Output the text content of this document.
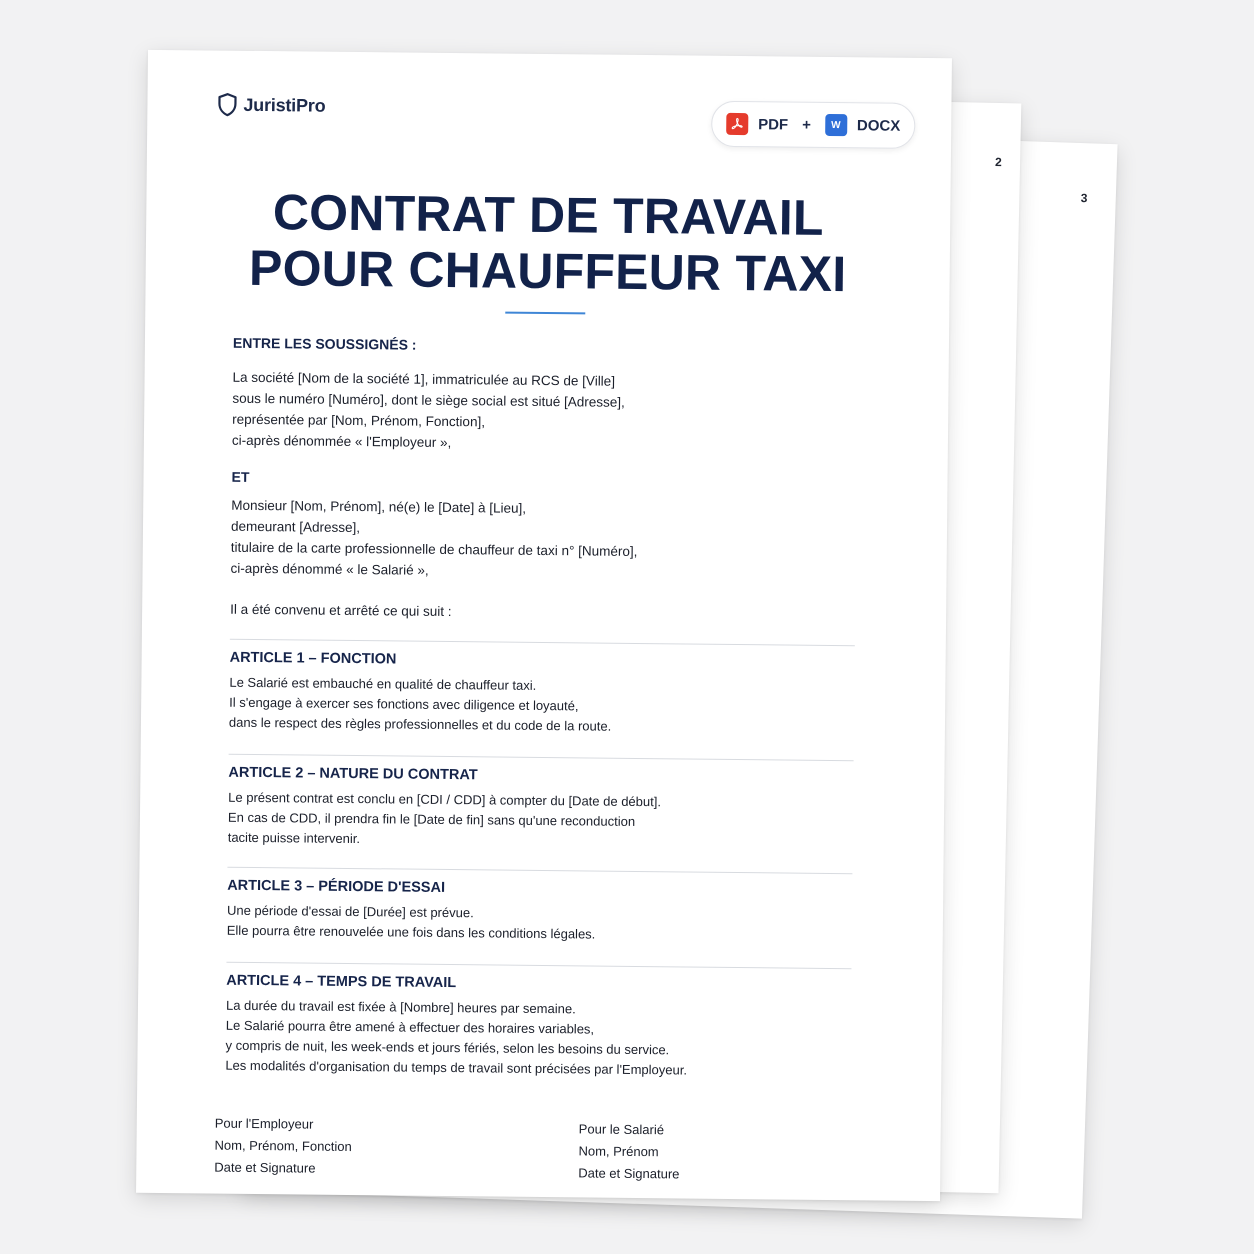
3
2
JuristiPro
PDF +	W	DOCX
CONTRAT DE TRAVAIL
POUR CHAUFFEUR TAXI

ENTRE LES SOUSSIGNÉS :

La société [Nom de la société 1], immatriculée au RCS de [Ville]

sous le numéro [Numéro], dont le siège social est situé [Adresse],

représentée par [Nom, Prénom, Fonction],

ci-après dénommée « l'Employeur »,

ET

Monsieur [Nom, Prénom], né(e) le [Date] à [Lieu],

demeurant [Adresse],

titulaire de la carte professionnelle de chauffeur de taxi n° [Numéro],

ci-après dénommé « le Salarié »,

Il a été convenu et arrêté ce qui suit :

ARTICLE 1 – FONCTION

Le Salarié est embauché en qualité de chauffeur taxi.

Il s'engage à exercer ses fonctions avec diligence et loyauté,

dans le respect des règles professionnelles et du code de la route.

ARTICLE 2 – NATURE DU CONTRAT

Le présent contrat est conclu en [CDI / CDD] à compter du [Date de début].

En cas de CDD, il prendra fin le [Date de fin] sans qu'une reconduction

tacite puisse intervenir.

ARTICLE 3 – PÉRIODE D'ESSAI

Une période d'essai de [Durée] est prévue.

Elle pourra être renouvelée une fois dans les conditions légales.

ARTICLE 4 – TEMPS DE TRAVAIL

La durée du travail est fixée à [Nombre] heures par semaine.

Le Salarié pourra être amené à effectuer des horaires variables,

y compris de nuit, les week-ends et jours fériés, selon les besoins du service.

Les modalités d'organisation du temps de travail sont précisées par l'Employeur.

Pour l'Employeur
Nom, Prénom, Fonction
Date et Signature
Pour le Salarié
Nom, Prénom
Date et Signature
